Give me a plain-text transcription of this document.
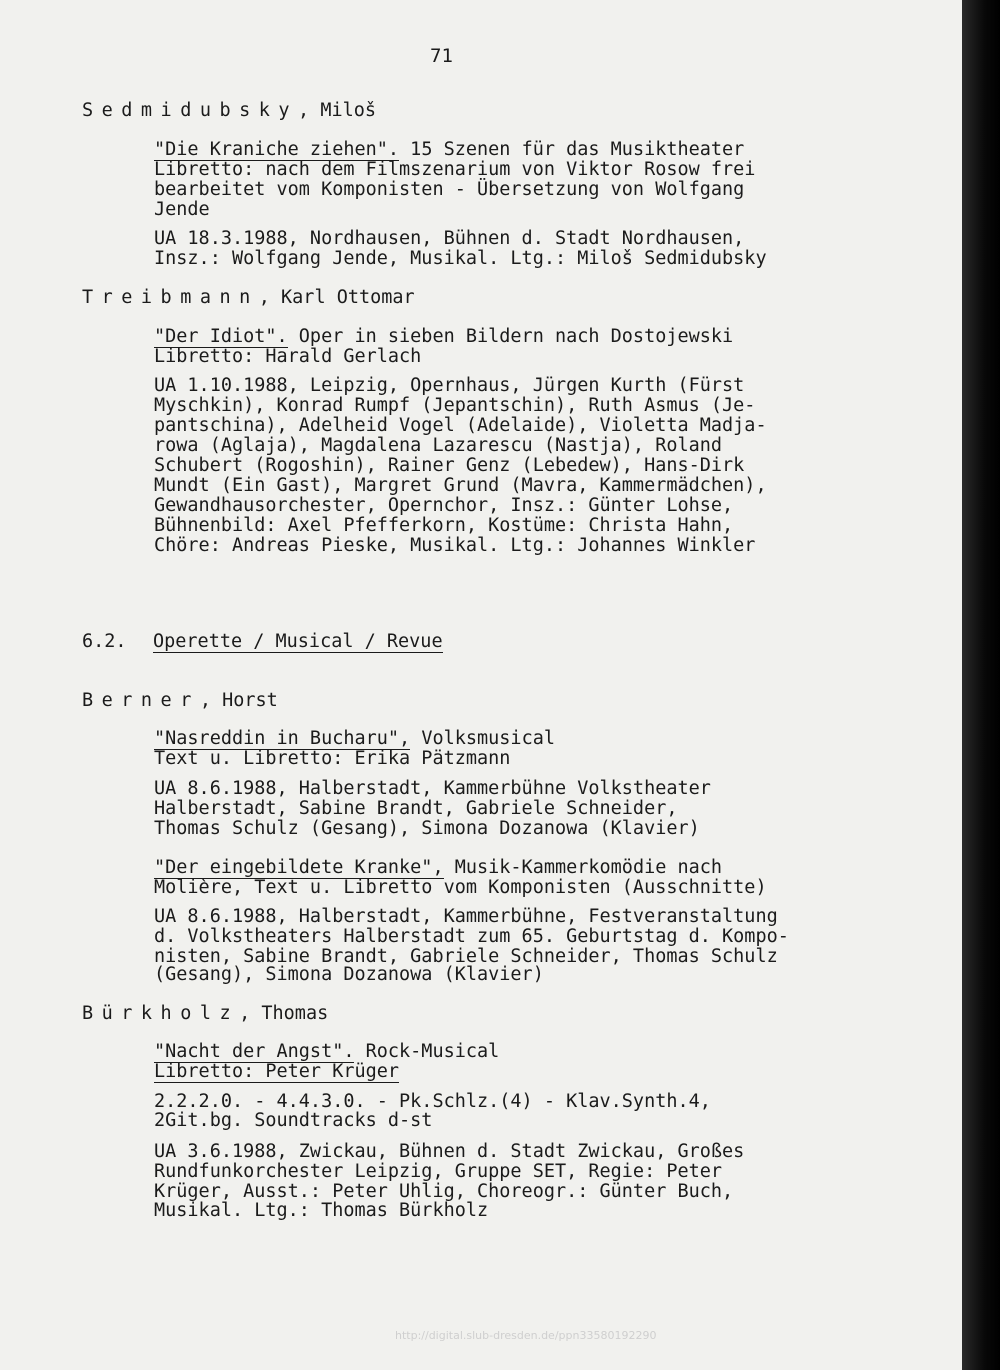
71
Sedmidubsky, Miloš
"Die Kraniche ziehen". 15 Szenen für das Musiktheater
Libretto: nach dem Filmszenarium von Viktor Rosow frei
bearbeitet vom Komponisten - Übersetzung von Wolfgang
Jende
UA 18.3.1988, Nordhausen, Bühnen d. Stadt Nordhausen,
Insz.: Wolfgang Jende, Musikal. Ltg.: Miloš Sedmidubsky
Treibmann, Karl Ottomar
"Der Idiot". Oper in sieben Bildern nach Dostojewski
Libretto: Harald Gerlach
UA 1.10.1988, Leipzig, Opernhaus, Jürgen Kurth (Fürst
Myschkin), Konrad Rumpf (Jepantschin), Ruth Asmus (Je-
pantschina), Adelheid Vogel (Adelaide), Violetta Madja-
rowa (Aglaja), Magdalena Lazarescu (Nastja), Roland
Schubert (Rogoshin), Rainer Genz (Lebedew), Hans-Dirk
Mundt (Ein Gast), Margret Grund (Mavra, Kammermädchen),
Gewandhausorchester, Opernchor, Insz.: Günter Lohse,
Bühnenbild: Axel Pfefferkorn, Kostüme: Christa Hahn,
Chöre: Andreas Pieske, Musikal. Ltg.: Johannes Winkler
6.2. Operette / Musical / Revue
Berner, Horst
"Nasreddin in Bucharu", Volksmusical
Text u. Libretto: Erika Pätzmann
UA 8.6.1988, Halberstadt, Kammerbühne Volkstheater
Halberstadt, Sabine Brandt, Gabriele Schneider,
Thomas Schulz (Gesang), Simona Dozanowa (Klavier)
"Der eingebildete Kranke", Musik-Kammerkomödie nach
Molière, Text u. Libretto vom Komponisten (Ausschnitte)
UA 8.6.1988, Halberstadt, Kammerbühne, Festveranstaltung
d. Volkstheaters Halberstadt zum 65. Geburtstag d. Kompo-
nisten, Sabine Brandt, Gabriele Schneider, Thomas Schulz
(Gesang), Simona Dozanowa (Klavier)
Bürkholz, Thomas
"Nacht der Angst". Rock-Musical
Libretto: Peter Krüger
2.2.2.0. - 4.4.3.0. - Pk.Schlz.(4) - Klav.Synth.4,
2Git.bg. Soundtracks d-st
UA 3.6.1988, Zwickau, Bühnen d. Stadt Zwickau, Großes
Rundfunkorchester Leipzig, Gruppe SET, Regie: Peter
Krüger, Ausst.: Peter Uhlig, Choreogr.: Günter Buch,
Musikal. Ltg.: Thomas Bürkholz
http://digital.slub-dresden.de/ppn33580192290
